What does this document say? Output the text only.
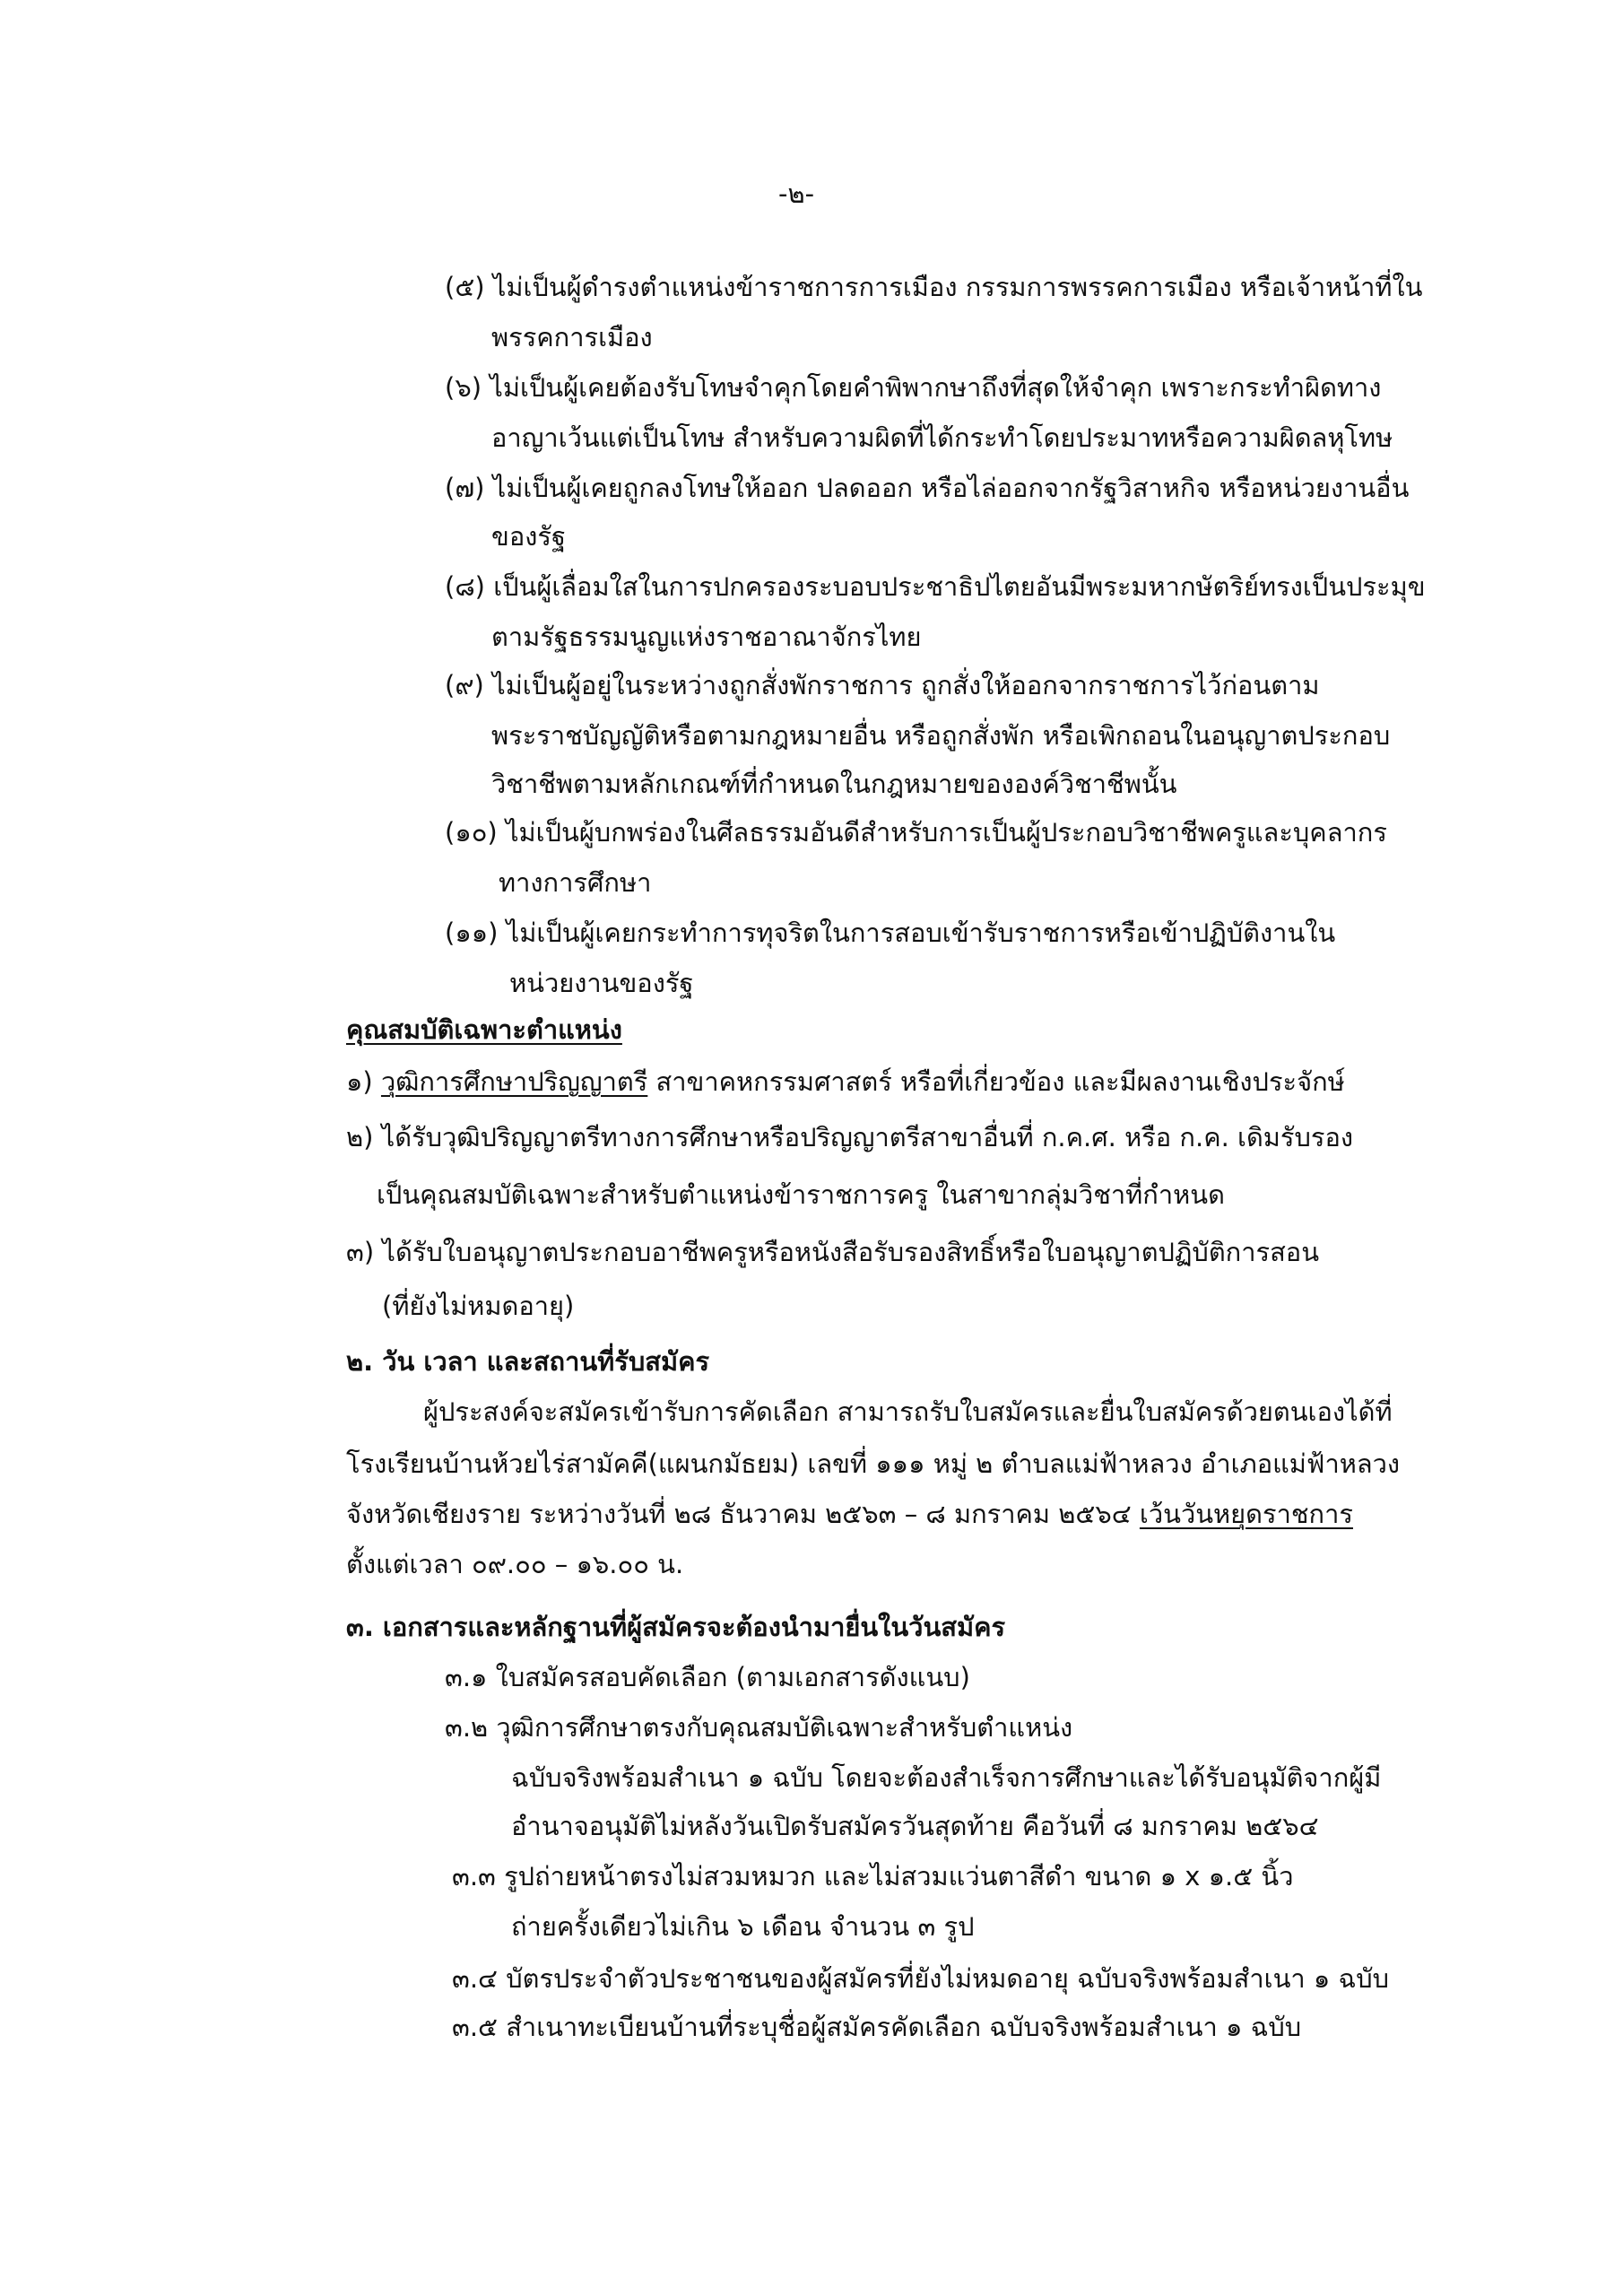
-๒-
(๕) ไม่เป็นผู้ดำรงตำแหน่งข้าราชการการเมือง กรรมการพรรคการเมือง หรือเจ้าหน้าที่ใน
พรรคการเมือง
(๖) ไม่เป็นผู้เคยต้องรับโทษจำคุกโดยคำพิพากษาถึงที่สุดให้จำคุก เพราะกระทำผิดทาง
อาญาเว้นแต่เป็นโทษ สำหรับความผิดที่ได้กระทำโดยประมาทหรือความผิดลหุโทษ
(๗) ไม่เป็นผู้เคยถูกลงโทษให้ออก ปลดออก หรือไล่ออกจากรัฐวิสาหกิจ หรือหน่วยงานอื่น
ของรัฐ
(๘) เป็นผู้เลื่อมใสในการปกครองระบอบประชาธิปไตยอันมีพระมหากษัตริย์ทรงเป็นประมุข
ตามรัฐธรรมนูญแห่งราชอาณาจักรไทย
(๙) ไม่เป็นผู้อยู่ในระหว่างถูกสั่งพักราชการ ถูกสั่งให้ออกจากราชการไว้ก่อนตาม
พระราชบัญญัติหรือตามกฎหมายอื่น หรือถูกสั่งพัก หรือเพิกถอนในอนุญาตประกอบ
วิชาชีพตามหลักเกณฑ์ที่กำหนดในกฎหมายขององค์วิชาชีพนั้น
(๑๐) ไม่เป็นผู้บกพร่องในศีลธรรมอันดีสำหรับการเป็นผู้ประกอบวิชาชีพครูและบุคลากร
ทางการศึกษา
(๑๑) ไม่เป็นผู้เคยกระทำการทุจริตในการสอบเข้ารับราชการหรือเข้าปฏิบัติงานใน
หน่วยงานของรัฐ
คุณสมบัติเฉพาะตำแหน่ง
๑) วุฒิการศึกษาปริญญาตรี สาขาคหกรรมศาสตร์ หรือที่เกี่ยวข้อง และมีผลงานเชิงประจักษ์
๒) ได้รับวุฒิปริญญาตรีทางการศึกษาหรือปริญญาตรีสาขาอื่นที่ ก.ค.ศ. หรือ ก.ค. เดิมรับรอง
เป็นคุณสมบัติเฉพาะสำหรับตำแหน่งข้าราชการครู ในสาขากลุ่มวิชาที่กำหนด
๓) ได้รับใบอนุญาตประกอบอาชีพครูหรือหนังสือรับรองสิทธิ์หรือใบอนุญาตปฏิบัติการสอน
(ที่ยังไม่หมดอายุ)
๒. วัน เวลา และสถานที่รับสมัคร
ผู้ประสงค์จะสมัครเข้ารับการคัดเลือก สามารถรับใบสมัครและยื่นใบสมัครด้วยตนเองได้ที่
โรงเรียนบ้านห้วยไร่สามัคคี(แผนกมัธยม) เลขที่ ๑๑๑ หมู่ ๒ ตำบลแม่ฟ้าหลวง อำเภอแม่ฟ้าหลวง
จังหวัดเชียงราย ระหว่างวันที่ ๒๘ ธันวาคม ๒๕๖๓ – ๘ มกราคม ๒๕๖๔ เว้นวันหยุดราชการ
ตั้งแต่เวลา ๐๙.๐๐ – ๑๖.๐๐ น.
๓. เอกสารและหลักฐานที่ผู้สมัครจะต้องนำมายื่นในวันสมัคร
๓.๑ ใบสมัครสอบคัดเลือก (ตามเอกสารดังแนบ)
๓.๒ วุฒิการศึกษาตรงกับคุณสมบัติเฉพาะสำหรับตำแหน่ง
ฉบับจริงพร้อมสำเนา ๑ ฉบับ โดยจะต้องสำเร็จการศึกษาและได้รับอนุมัติจากผู้มี
อำนาจอนุมัติไม่หลังวันเปิดรับสมัครวันสุดท้าย คือวันที่ ๘ มกราคม ๒๕๖๔
๓.๓ รูปถ่ายหน้าตรงไม่สวมหมวก และไม่สวมแว่นตาสีดำ ขนาด ๑ x ๑.๕ นิ้ว
ถ่ายครั้งเดียวไม่เกิน ๖ เดือน จำนวน ๓ รูป
๓.๔ บัตรประจำตัวประชาชนของผู้สมัครที่ยังไม่หมดอายุ ฉบับจริงพร้อมสำเนา ๑ ฉบับ
๓.๕ สำเนาทะเบียนบ้านที่ระบุชื่อผู้สมัครคัดเลือก ฉบับจริงพร้อมสำเนา ๑ ฉบับ
